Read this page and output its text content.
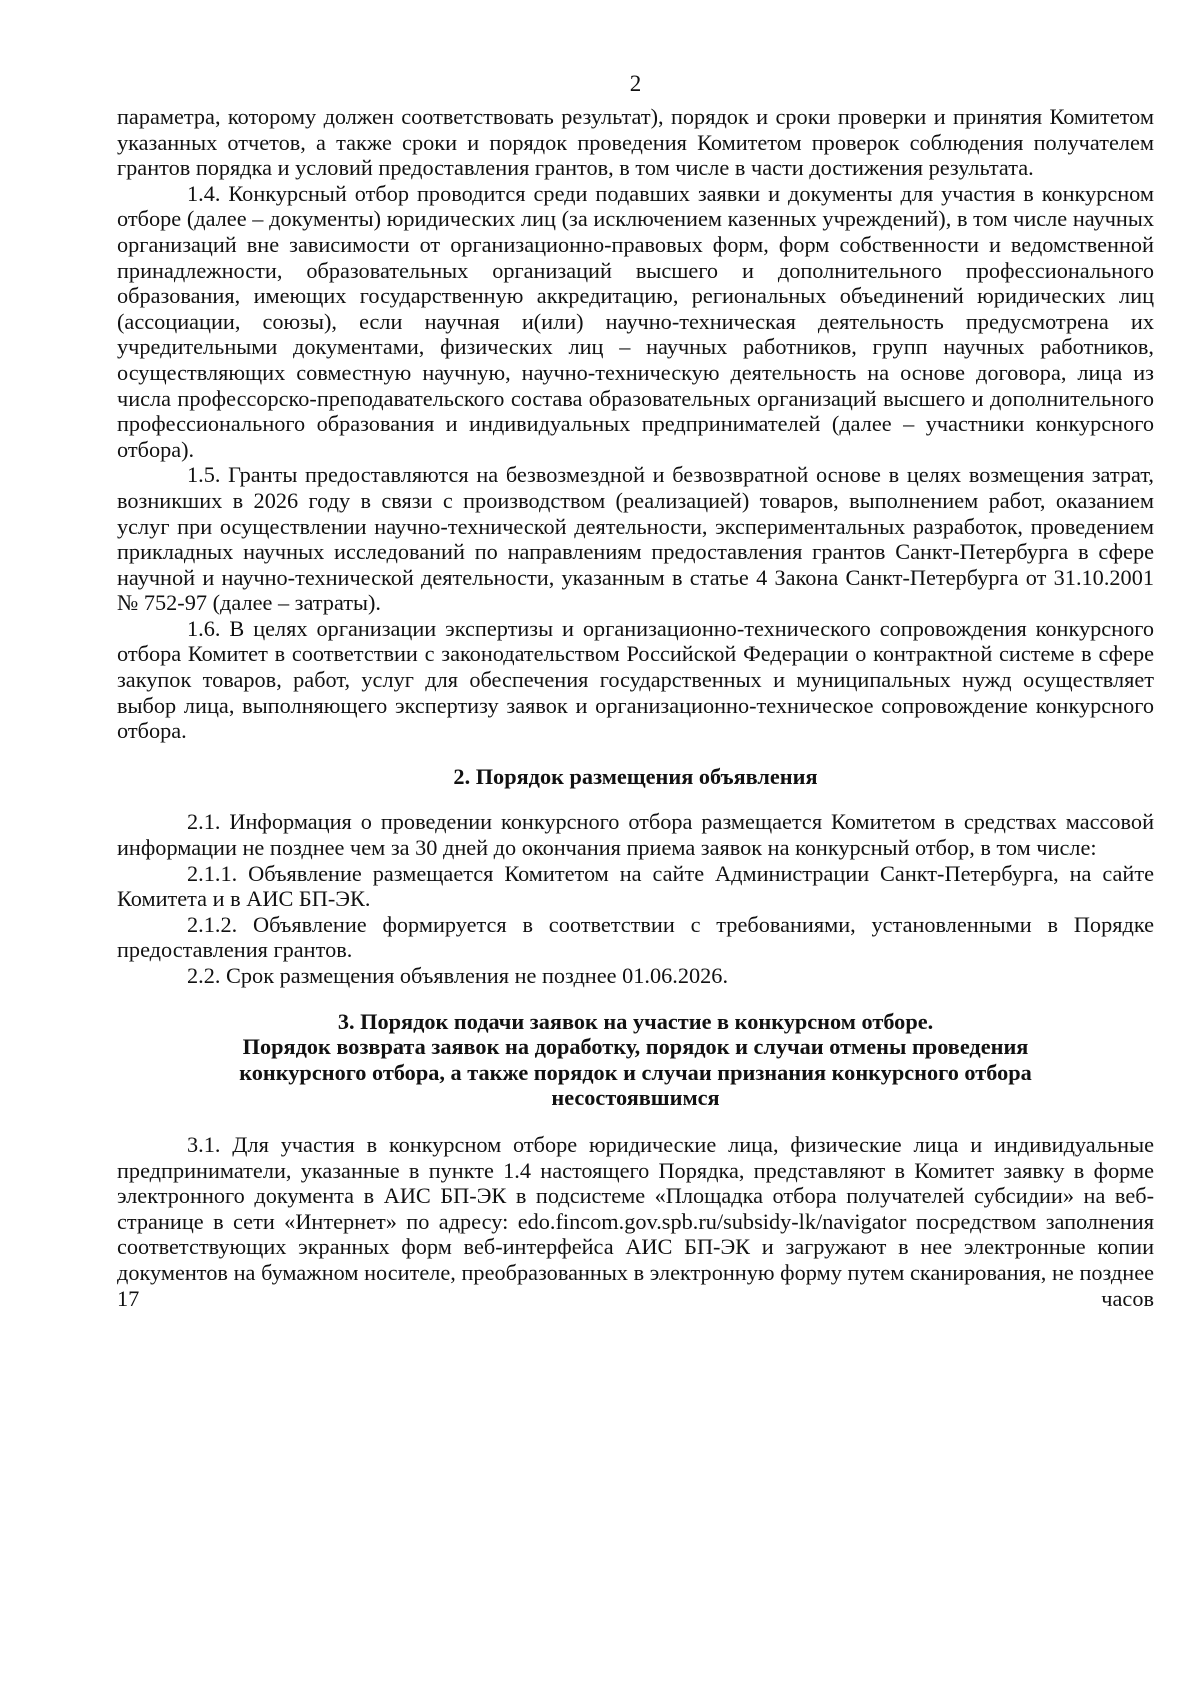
2

параметра, которому должен соответствовать результат), порядок и сроки проверки и принятия Комитетом указанных отчетов, а также сроки и порядок проведения Комитетом проверок соблюдения получателем грантов порядка и условий предоставления грантов, в том числе в части достижения результата.

1.4. Конкурсный отбор проводится среди подавших заявки и документы для участия в конкурсном отборе (далее – документы) юридических лиц (за исключением казенных учреждений), в том числе научных организаций вне зависимости от организационно-правовых форм, форм собственности и ведомственной принадлежности, образовательных организаций высшего и дополнительного профессионального образования, имеющих государственную аккредитацию, региональных объединений юридических лиц (ассоциации, союзы), если научная и(или) научно-техническая деятельность предусмотрена их учредительными документами, физических лиц – научных работников, групп научных работников, осуществляющих совместную научную, научно-техническую деятельность на основе договора, лица из числа профессорско-преподавательского состава образовательных организаций высшего и дополнительного профессионального образования и индивидуальных предпринимателей (далее – участники конкурсного отбора).

1.5. Гранты предоставляются на безвозмездной и безвозвратной основе в целях возмещения затрат, возникших в 2026 году в связи с производством (реализацией) товаров, выполнением работ, оказанием услуг при осуществлении научно-технической деятельности, экспериментальных разработок, проведением прикладных научных исследований по направлениям предоставления грантов Санкт-Петербурга в сфере научной и научно-технической деятельности, указанным в статье 4 Закона Санкт-Петербурга от 31.10.2001 № 752-97 (далее – затраты).

1.6. В целях организации экспертизы и организационно-технического сопровождения конкурсного отбора Комитет в соответствии с законодательством Российской Федерации о контрактной системе в сфере закупок товаров, работ, услуг для обеспечения государственных и муниципальных нужд осуществляет выбор лица, выполняющего экспертизу заявок и организационно-техническое сопровождение конкурсного отбора.

2. Порядок размещения объявления

2.1. Информация о проведении конкурсного отбора размещается Комитетом в средствах массовой информации не позднее чем за 30 дней до окончания приема заявок на конкурсный отбор, в том числе:

2.1.1. Объявление размещается Комитетом на сайте Администрации Санкт-Петербурга, на сайте Комитета и в АИС БП-ЭК.

2.1.2. Объявление формируется в соответствии с требованиями, установленными в Порядке предоставления грантов.

2.2. Срок размещения объявления не позднее 01.06.2026.

3. Порядок подачи заявок на участие в конкурсном отборе.
Порядок возврата заявок на доработку, порядок и случаи отмены проведения
конкурсного отбора, а также порядок и случаи признания конкурсного отбора
несостоявшимся

3.1. Для участия в конкурсном отборе юридические лица, физические лица и индивидуальные предприниматели, указанные в пункте 1.4 настоящего Порядка, представляют в Комитет заявку в форме электронного документа в АИС БП-ЭК в подсистеме «Площадка отбора получателей субсидии» на веб-странице в сети «Интернет» по адресу: edo.fincom.gov.spb.ru/subsidy-lk/navigator посредством заполнения соответствующих экранных форм веб-интерфейса АИС БП-ЭК и загружают в нее электронные копии документов на бумажном носителе, преобразованных в электронную форму путем сканирования, не позднее 17 часов
